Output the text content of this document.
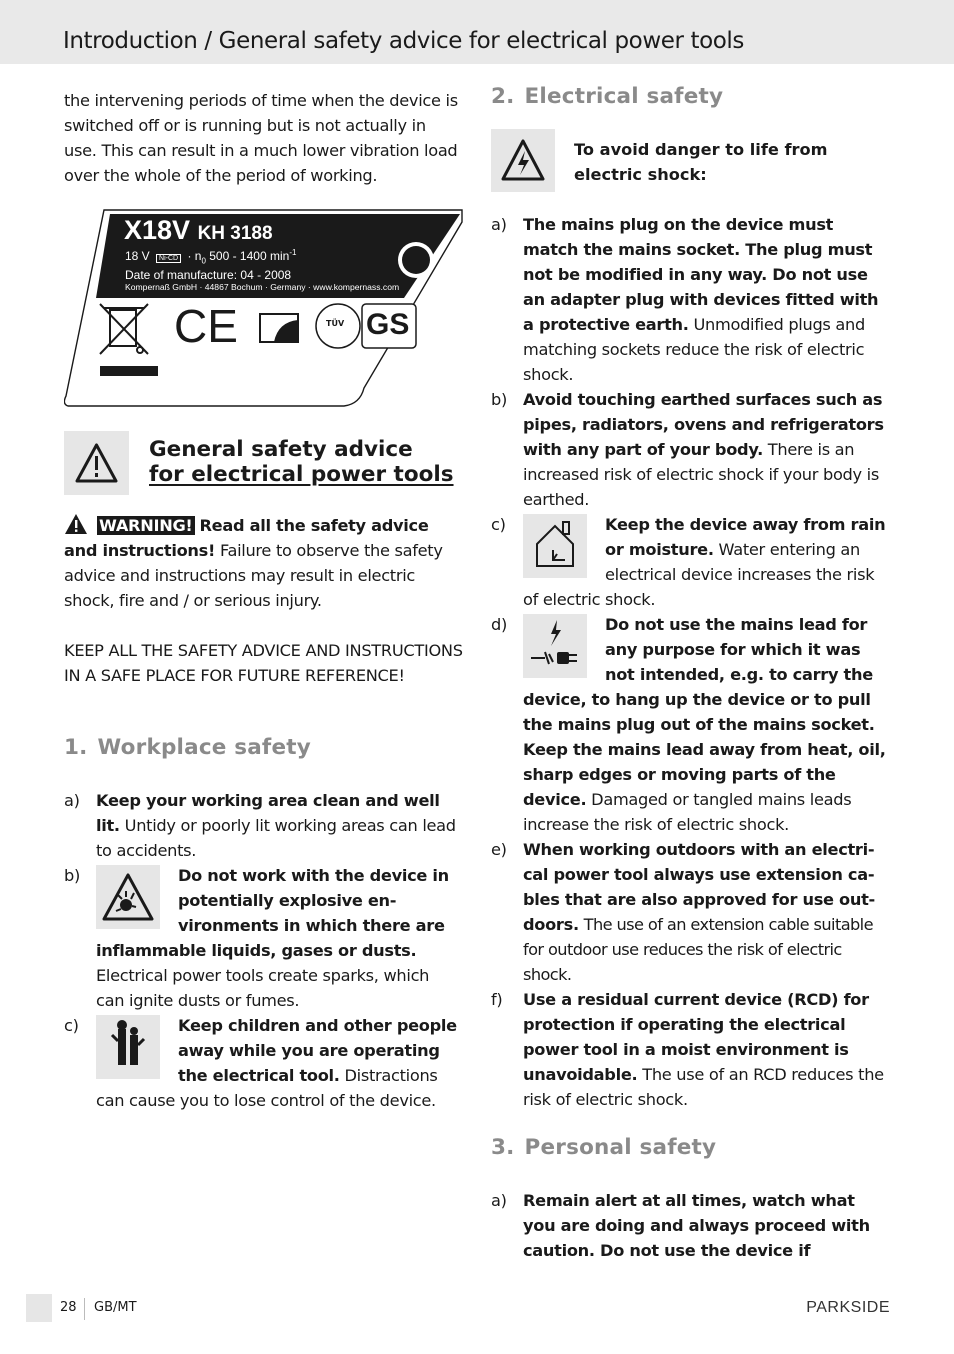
Introduction / General safety advice for electrical power tools

the intervening periods of time when the device is switched off or is running but is not actually in use. This can result in a much lower vibration load over the whole of the period of working.

X18V KH 3188
18 V $Ni-CD \cdot n_0$ 500 - 1400 $\min^{-1}$
Date of manufacture: 04 - 2008
Kompernaß GmbH · 44867 Bochum · Germany · www.kompernass.com
CE	TÜV GS
General safety advice
for electrical power tools

WARNING! Read all the safety advice and instructions! Failure to observe the safety advice and instructions may result in electric shock, fire and / or serious injury.

KEEP ALL THE SAFETY ADVICE AND INSTRUCTIONS IN A SAFE PLACE FOR FUTURE REFERENCE!

1. Workplace safety
a) Keep your working area clean and well lit. Untidy or poorly lit working areas can lead to accidents.
b)	Do not work with the device in potentially explosive environments in which there are inflammable liquids, gases or dusts. Electrical power tools create sparks, which can ignite dusts or fumes.
c)	Keep children and other people away while you are operating the electrical tool. Distractions can cause you to lose control of the device.
2. Electrical safety
To avoid danger to life from electric shock:
a) The mains plug on the device must match the mains socket. The plug must not be modified in any way. Do not use an adapter plug with devices fitted with a protective earth. Unmodified plugs and matching sockets reduce the risk of electric shock.
b) Avoid touching earthed surfaces such as pipes, radiators, ovens and refrigerators with any part of your body. There is an increased risk of electric shock if your body is earthed.
c)	Keep the device away from rain or moisture. Water entering an electrical device increases the risk of electric shock.
d)	Do not use the mains lead for any purpose for which it was not intended, e.g. to carry the device, to hang up the device or to pull the mains plug out of the mains socket. Keep the mains lead away from heat, oil, sharp edges or moving parts of the device. Damaged or tangled mains leads increase the risk of electric shock.
e) When working outdoors with an electrical power tool always use extension cables that are also approved for use outdoors. The use of an extension cable suitable for outdoor use reduces the risk of electric shock.
f) Use a residual current device (RCD) for protection if operating the electrical power tool in a moist environment is unavoidable. The use of an RCD reduces the risk of electric shock.
3. Personal safety
a) Remain alert at all times, watch what you are doing and always proceed with caution. Do not use the device if
28 GB/MT	PARKSIDE
